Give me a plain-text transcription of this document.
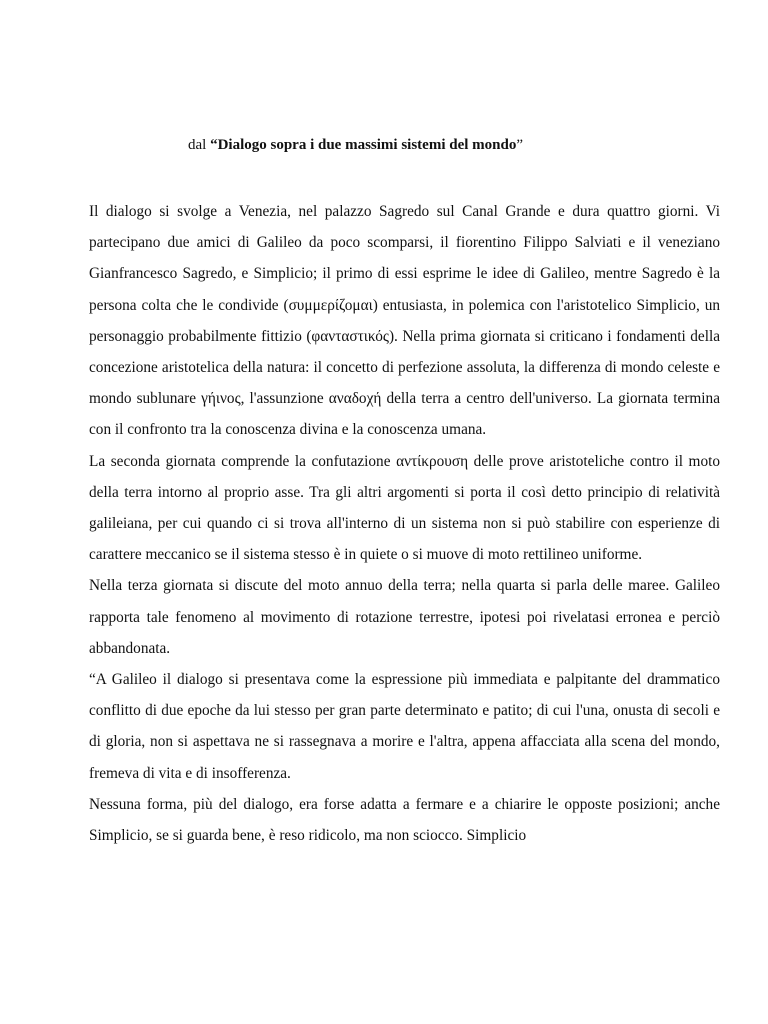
dal “Dialogo sopra i due massimi sistemi del mondo”

Il dialogo si svolge a Venezia, nel palazzo Sagredo sul Canal Grande e dura quattro giorni. Vi partecipano due amici di Galileo da poco scomparsi, il fiorentino Filippo Salviati e il veneziano Gianfrancesco Sagredo, e Simplicio; il primo di essi esprime le idee di Galileo, mentre Sagredo è la persona colta che le condivide (συμμερίζομαι) entusiasta, in polemica con l'aristotelico Simplicio, un personaggio probabilmente fittizio (φανταστικός). Nella prima giornata si criticano i fondamenti della concezione aristotelica della natura: il concetto di perfezione assoluta, la differenza di mondo celeste e mondo sublunare γήινος, l'assunzione αναδοχή della terra a centro dell'universo. La giornata termina con il confronto tra la conoscenza divina e la conoscenza umana.

La seconda giornata comprende la confutazione αντίκρουση delle prove aristoteliche contro il moto della terra intorno al proprio asse. Tra gli altri argomenti si porta il così detto principio di relatività galileiana, per cui quando ci si trova all'interno di un sistema non si può stabilire con esperienze di carattere meccanico se il sistema stesso è in quiete o si muove di moto rettilineo uniforme.

Nella terza giornata si discute del moto annuo della terra; nella quarta si parla delle maree. Galileo rapporta tale fenomeno al movimento di rotazione terrestre, ipotesi poi rivelatasi erronea e perciò abbandonata.

“A Galileo il dialogo si presentava come la espressione più immediata e palpitante del drammatico conflitto di due epoche da lui stesso per gran parte determinato e patito; di cui l'una, onusta di secoli e di gloria, non si aspettava ne si rassegnava a morire e l'altra, appena affacciata alla scena del mondo, fremeva di vita e di insofferenza.

Nessuna forma, più del dialogo, era forse adatta a fermare e a chiarire le opposte posizioni; anche Simplicio, se si guarda bene, è reso ridicolo, ma non sciocco. Simplicio
